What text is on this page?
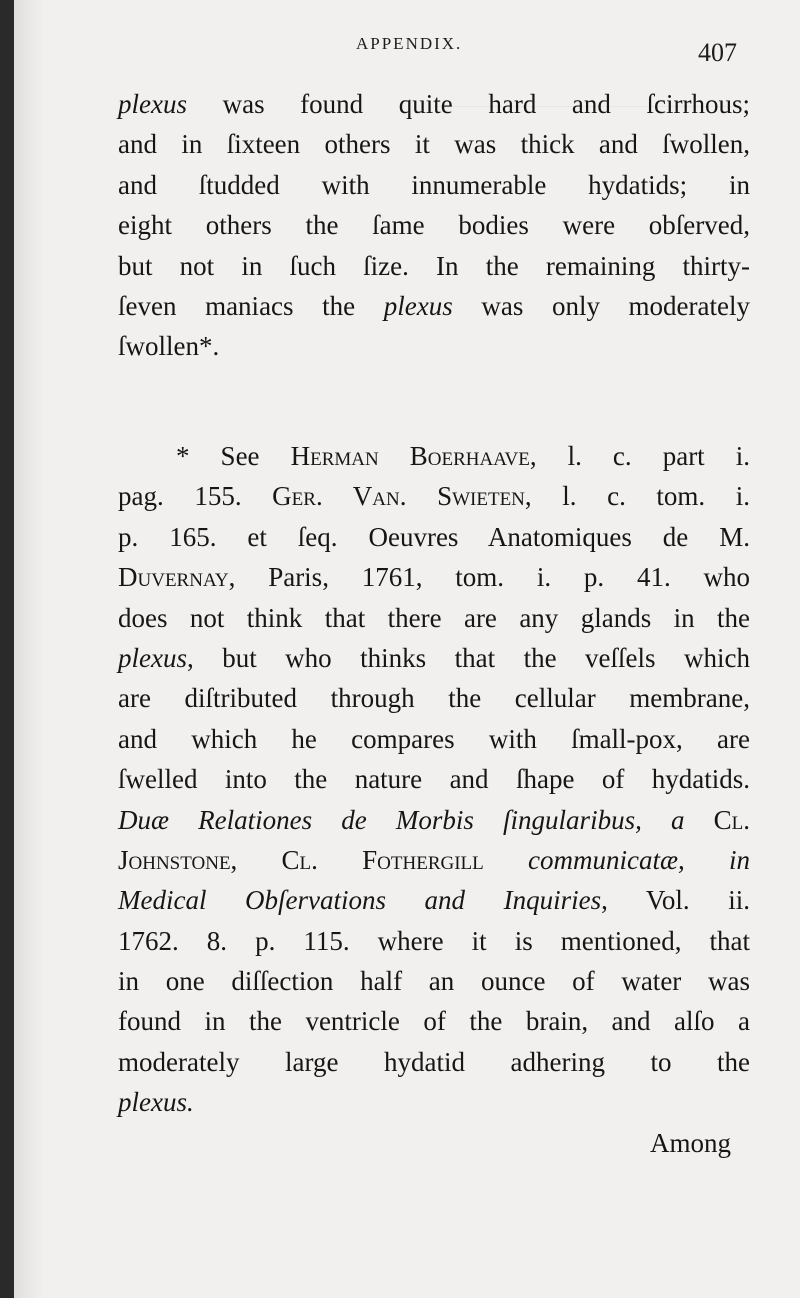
APPENDIX.	407
plexus was found quite hard and ſcirrhous;
and in ſixteen others it was thick and ſwollen,
and ſtudded with innumerable hydatids; in
eight others the ſame bodies were obſerved,
but not in ſuch ſize. In the remaining thirty-
ſeven maniacs the plexus was only moderately
ſwollen*.
* See Herman Boerhaave, l. c. part i.
pag. 155. Ger. Van. Swieten, l. c. tom. i.
p. 165. et ſeq. Oeuvres Anatomiques de M.
Duvernay, Paris, 1761, tom. i. p. 41. who
does not think that there are any glands in the
plexus, but who thinks that the veſſels which
are diſtributed through the cellular membrane,
and which he compares with ſmall-pox, are
ſwelled into the nature and ſhape of hydatids.
Duæ Relationes de Morbis ſingularibus, a Cl.
Johnstone, Cl. Fothergill communicatæ, in
Medical Obſervations and Inquiries, Vol. ii.
1762. 8. p. 115. where it is mentioned, that
in one diſſection half an ounce of water was
found in the ventricle of the brain, and alſo a
moderately large hydatid adhering to the
plexus.
Among
